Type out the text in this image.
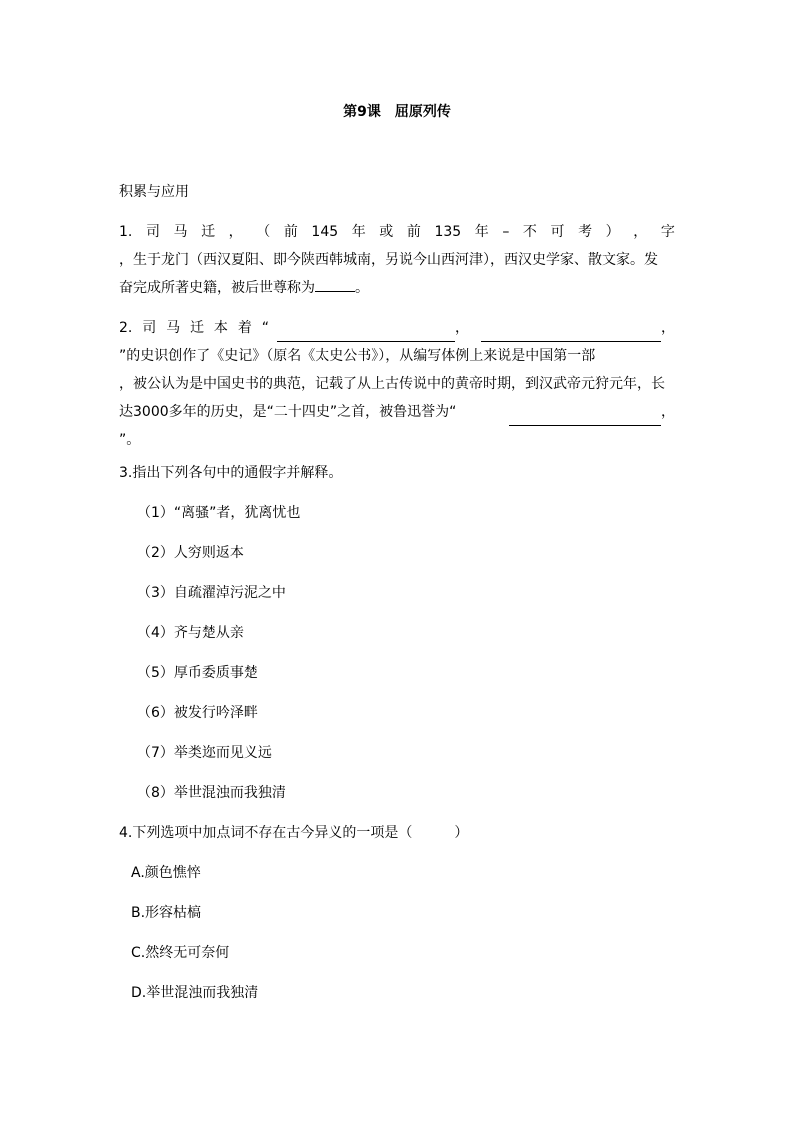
第9课　屈原列传
积累与应用
1. 司 马 迁 ， （ 前 145 年 或 前 135 年 – 不 可 考 ） ， 字
，生于龙门（西汉夏阳、即今陕西韩城南，另说今山西河津），西汉史学家、散文家。发
奋完成所著史籍，被后世尊称为	。
2. 司 马 迁 本 着 “	，	，
”的史识创作了《史记》（原名《太史公书》），从编写体例上来说是中国第一部
，被公认为是中国史书的典范，记载了从上古传说中的黄帝时期，到汉武帝元狩元年，长
达3000多年的历史，是“二十四史”之首，被鲁迅誉为“	，
”。
3.指出下列各句中的通假字并解释。
（1）“离骚”者，犹离忧也
（2）人穷则返本
（3）自疏濯淖污泥之中
（4）齐与楚从亲
（5）厚币委质事楚
（6）被发行吟泽畔
（7）举类迩而见义远
（8）举世混浊而我独清
4.下列选项中加点词不存在古今异义的一项是（　　　）
A.颜色憔悴
B.形容枯槁
C.然终无可奈何
D.举世混浊而我独清
